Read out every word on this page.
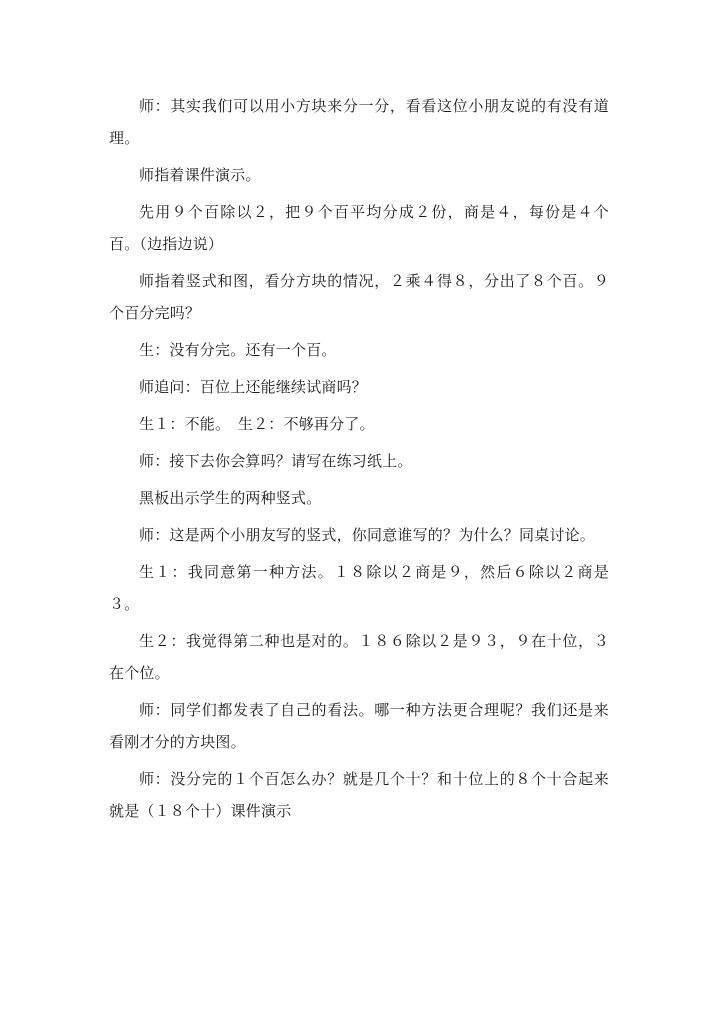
师：其实我们可以用小方块来分一分，看看这位小朋友说的有没有道理。

师指着课件演示。

先用９个百除以２，把９个百平均分成２份，商是４，每份是４个百。（边指边说）

师指着竖式和图，看分方块的情况，２乘４得８，分出了８个百。９个百分完吗？

生：没有分完。还有一个百。

师追问：百位上还能继续试商吗？

生１：不能。　生２：不够再分了。

师：接下去你会算吗？请写在练习纸上。

黑板出示学生的两种竖式。

师：这是两个小朋友写的竖式，你同意谁写的？为什么？同桌讨论。

生１：我同意第一种方法。１８除以２商是９，然后６除以２商是３。

生２：我觉得第二种也是对的。１８６除以２是９３，９在十位，３在个位。

师：同学们都发表了自己的看法。哪一种方法更合理呢？我们还是来看刚才分的方块图。

师：没分完的１个百怎么办？就是几个十？和十位上的８个十合起来就是（１８个十）课件演示
